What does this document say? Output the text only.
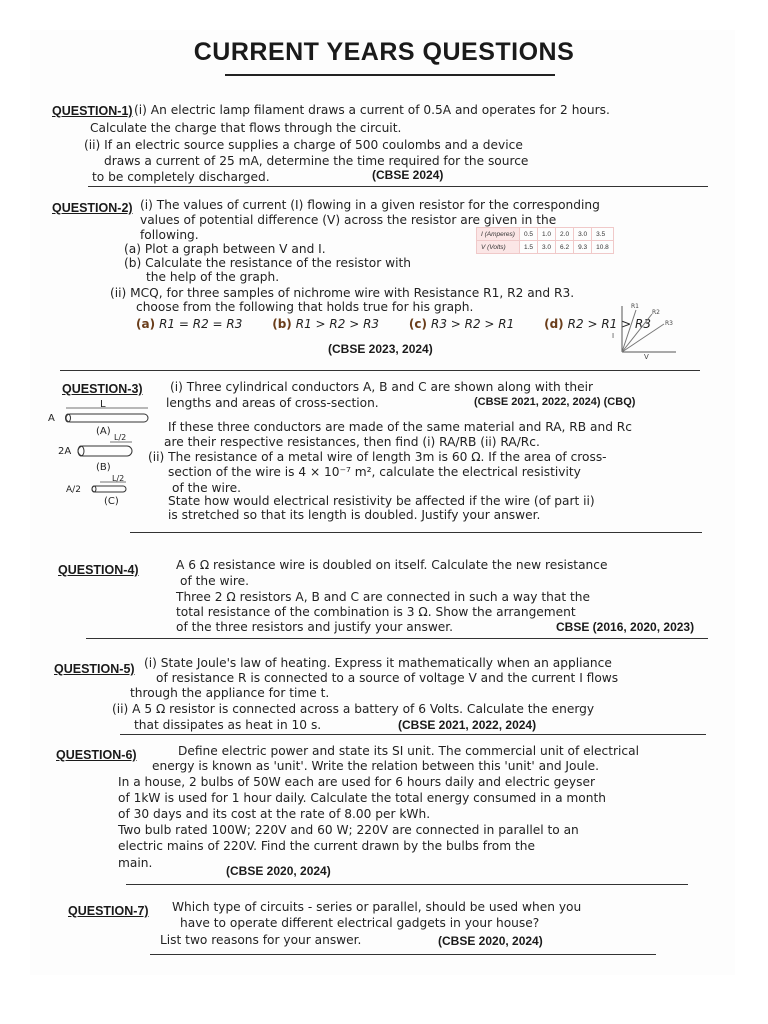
CURRENT YEARS QUESTIONS
QUESTION-1) (i) An electric lamp filament draws a current of 0.5A and operates for 2 hours.
Calculate the charge that flows through the circuit.
(ii) If an electric source supplies a charge of 500 coulombs and a device
draws a current of 25 mA, determine the time required for the source
to be completely discharged.	(CBSE 2024)
QUESTION-2) (i) The values of current (I) flowing in a given resistor for the corresponding
values of potential difference (V) across the resistor are given in the
following.
(a) Plot a graph between V and I.
(b) Calculate the resistance of the resistor with
the help of the graph.
I (Amperes)	0.5	1.0	2.0	3.0	3.5
V (Volts)	1.5	3.0	6.2	9.3	10.8
(ii) MCQ, for three samples of nichrome wire with Resistance R1, R2 and R3.
choose from the following that holds true for his graph.
(a) R1 = R2 = R3 (b) R1 > R2 > R3 (c) R3 > R2 > R1 (d) R2 > R1 > R3
I
V
R1
R2
R3
(CBSE 2023, 2024)
QUESTION-3) (i) Three cylindrical conductors A, B and C are shown along with their
lengths and areas of cross-section.	(CBSE 2021, 2022, 2024) (CBQ)
L
A
(A)
L/2
2A
(B)
L/2
A/2
(C)
If these three conductors are made of the same material and RA, RB and Rc
are their respective resistances, then find (i) RA/RB (ii) RA/Rc.
(ii) The resistance of a metal wire of length 3m is 60 Ω. If the area of cross-
section of the wire is 4 × 10⁻⁷ m², calculate the electrical resistivity
of the wire.
State how would electrical resistivity be affected if the wire (of part ii)
is stretched so that its length is doubled. Justify your answer.
QUESTION-4)	A 6 Ω resistance wire is doubled on itself. Calculate the new resistance
of the wire.
Three 2 Ω resistors A, B and C are connected in such a way that the
total resistance of the combination is 3 Ω. Show the arrangement
of the three resistors and justify your answer.	CBSE (2016, 2020, 2023)
QUESTION-5) (i) State Joule's law of heating. Express it mathematically when an appliance
of resistance R is connected to a source of voltage V and the current I flows
through the appliance for time t.
(ii) A 5 Ω resistor is connected across a battery of 6 Volts. Calculate the energy
that dissipates as heat in 10 s.	(CBSE 2021, 2022, 2024)
QUESTION-6)	Define electric power and state its SI unit. The commercial unit of electrical
energy is known as 'unit'. Write the relation between this 'unit' and Joule.
In a house, 2 bulbs of 50W each are used for 6 hours daily and electric geyser
of 1kW is used for 1 hour daily. Calculate the total energy consumed in a month
of 30 days and its cost at the rate of 8.00 per kWh.
Two bulb rated 100W; 220V and 60 W; 220V are connected in parallel to an
electric mains of 220V. Find the current drawn by the bulbs from the
main.
(CBSE 2020, 2024)
QUESTION-7) Which type of circuits - series or parallel, should be used when you
have to operate different electrical gadgets in your house?
List two reasons for your answer.	(CBSE 2020, 2024)
